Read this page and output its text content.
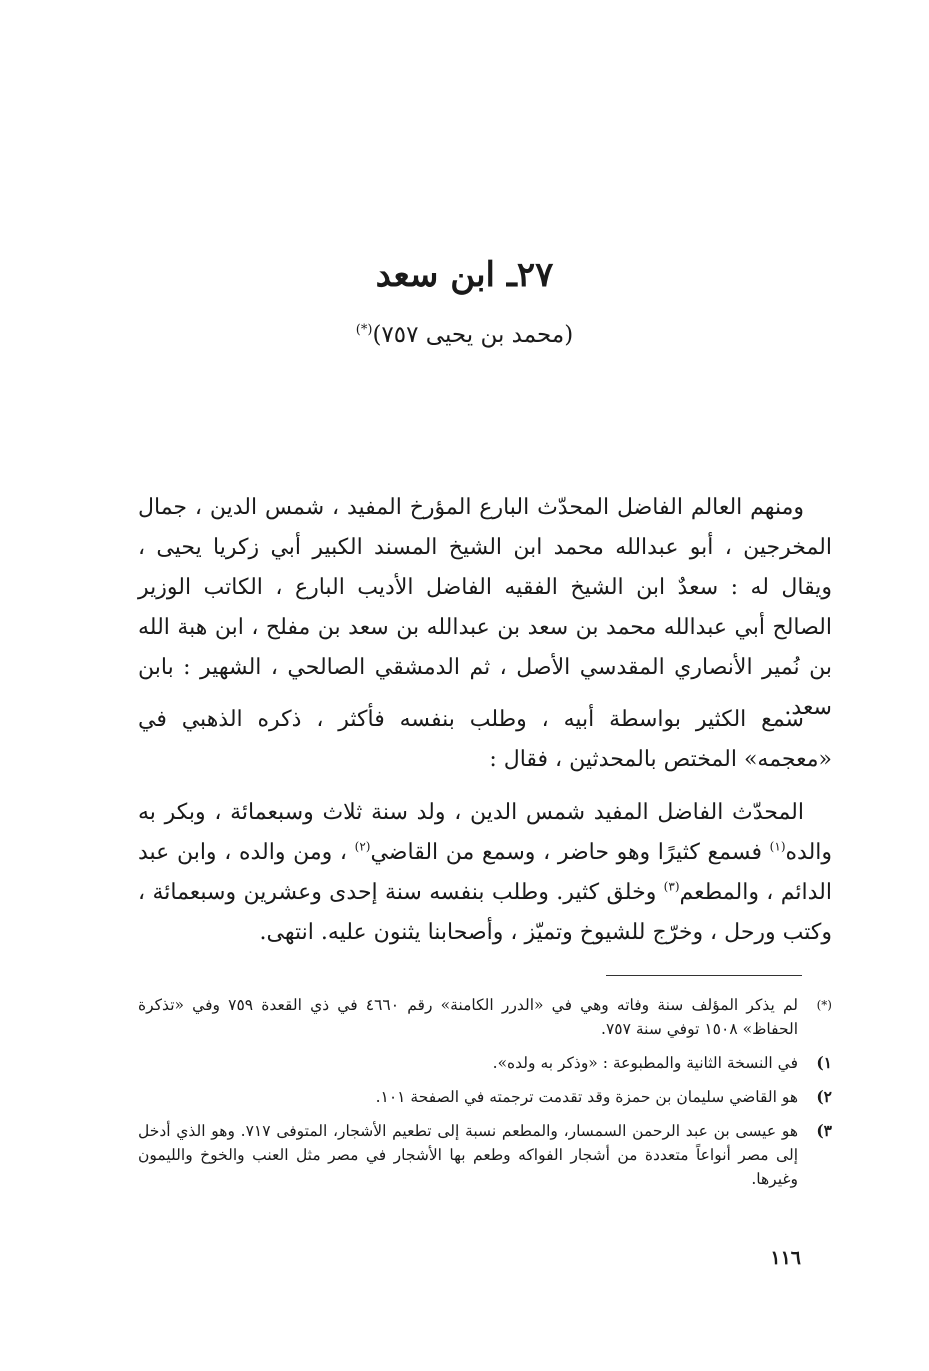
٢٧ـ ابن سعد
(محمد بن يحيى ٧٥٧)(*)

ومنهم العالم الفاضل المحدّث البارع المؤرخ المفيد ، شمس الدين ، جمال المخرجين ، أبو عبدالله محمد ابن الشيخ المسند الكبير أبي زكريا يحيى ، ويقال له : سعدٌ ابن الشيخ الفقيه الفاضل الأديب البارع ، الكاتب الوزير الصالح أبي عبدالله محمد بن سعد بن عبدالله بن سعد بن مفلح ، ابن هبة الله بن نُمير الأنصاري المقدسي الأصل ، ثم الدمشقي الصالحي ، الشهير : بابن سعد.

سمع الكثير بواسطة أبيه ، وطلب بنفسه فأكثر ، ذكره الذهبي في «معجمه» المختص بالمحدثين ، فقال :

المحدّث الفاضل المفيد شمس الدين ، ولد سنة ثلاث وسبعمائة ، وبكر به والده$^{(١)}$ فسمع كثيرًا وهو حاضر ، وسمع من القاضي$^{(٢)}$ ، ومن والده ، وابن عبد الدائم ، والمطعم$^{(٣)}$ وخلق كثير. وطلب بنفسه سنة إحدى وعشرين وسبعمائة ، وكتب ورحل ، وخرّج للشيوخ وتميّز ، وأصحابنا يثنون عليه. انتهى.

(*)
لم يذكر المؤلف سنة وفاته وهي في «الدرر الكامنة» رقم ٤٦٦٠ في ذي القعدة ٧٥٩ وفي «تذكرة الحفاظ» ١٥٠٨ توفي سنة ٧٥٧.
١)
في النسخة الثانية والمطبوعة : «وذكر به ولده».
٢)
هو القاضي سليمان بن حمزة وقد تقدمت ترجمته في الصفحة ١٠١.
٣)
هو عيسى بن عبد الرحمن السمسار، والمطعم نسبة إلى تطعيم الأشجار، المتوفى ٧١٧. وهو الذي أدخل إلى مصر أنواعاً متعددة من أشجار الفواكه وطعم بها الأشجار في مصر مثل العنب والخوخ والليمون وغيرها.
١١٦
